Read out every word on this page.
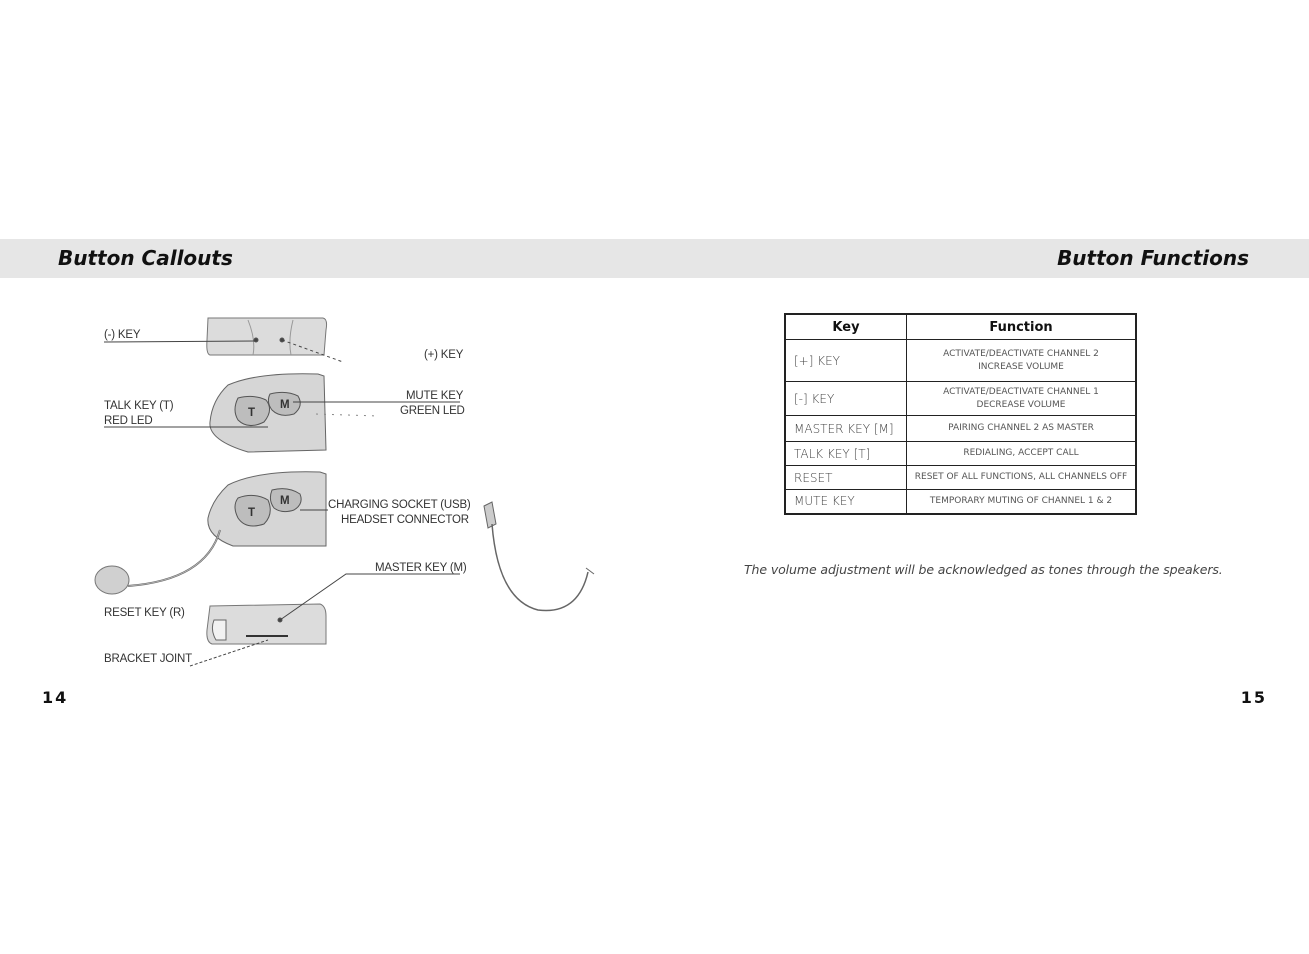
Button Callouts	Button Functions
T
M
T
M
(-) KEY
(+) KEY
TALK KEY (T)
RED LED
MUTE KEY
GREEN LED
CHARGING SOCKET (USB)
HEADSET CONNECTOR
MASTER KEY (M)
RESET KEY (R)
BRACKET JOINT
Key	Function
[+] KEY	ACTIVATE/DEACTIVATE CHANNEL 2
INCREASE VOLUME

[-] KEY	ACTIVATE/DEACTIVATE CHANNEL 1
DECREASE VOLUME

MASTER KEY [M]	PAIRING CHANNEL 2 AS MASTER

TALK KEY [T]	REDIALING, ACCEPT CALL

RESET	RESET OF ALL FUNCTIONS, ALL CHANNELS OFF

MUTE KEY	TEMPORARY MUTING OF CHANNEL 1 & 2

The volume adjustment will be acknowledged as tones through the speakers.

14	15
